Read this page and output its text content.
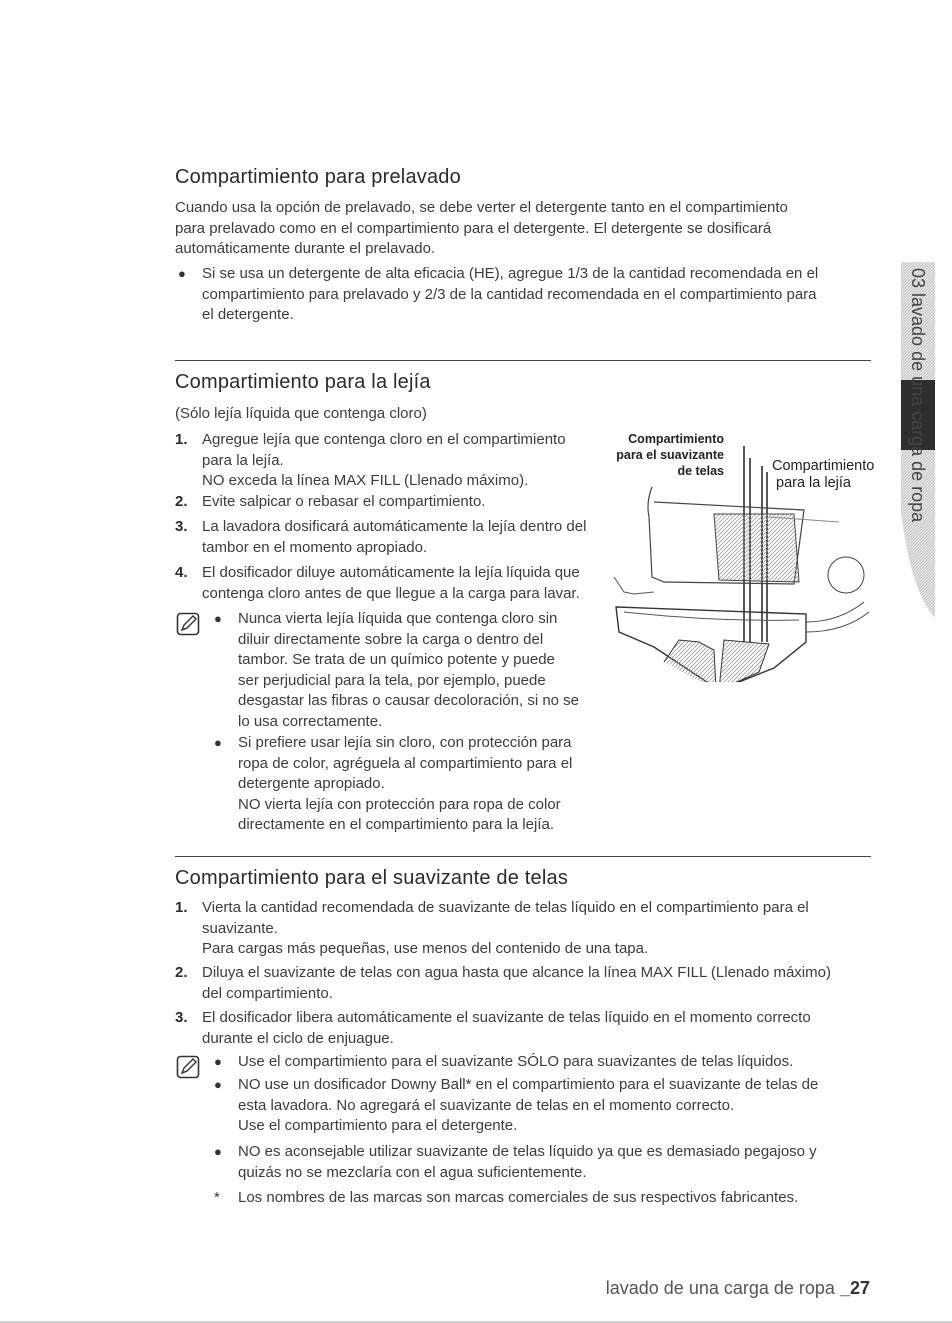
Compartimiento para prelavado

Cuando usa la opción de prelavado, se debe verter el detergente tanto en el compartimiento

para prelavado como en el compartimiento para el detergente. El detergente se dosificará

automáticamente durante el prelavado.

● Si se usa un detergente de alta eficacia (HE), agregue 1/3 de la cantidad recomendada en el

compartimiento para prelavado y 2/3 de la cantidad recomendada en el compartimiento para

el detergente.

Compartimiento para la lejía

(Sólo lejía líquida que contenga cloro)

1. Agregue lejía que contenga cloro en el compartimiento

para la lejía.

NO exceda la línea MAX FILL (Llenado máximo).

2. Evite salpicar o rebasar el compartimiento.

3. La lavadora dosificará automáticamente la lejía dentro del

tambor en el momento apropiado.

4. El dosificador diluye automáticamente la lejía líquida que

contenga cloro antes de que llegue a la carga para lavar.

● Nunca vierta lejía líquida que contenga cloro sin

diluir directamente sobre la carga o dentro del

tambor. Se trata de un químico potente y puede

ser perjudicial para la tela, por ejemplo, puede

desgastar las fibras o causar decoloración, si no se

lo usa correctamente.

● Si prefiere usar lejía sin cloro, con protección para

ropa de color, agréguela al compartimiento para el

detergente apropiado.

NO vierta lejía con protección para ropa de color

directamente en el compartimiento para la lejía.

Compartimiento
para el suavizante
de telas	Compartimiento
para la lejía
Compartimiento para el suavizante de telas
1. Vierta la cantidad recomendada de suavizante de telas líquido en el compartimiento para el

suavizante.

Para cargas más pequeñas, use menos del contenido de una tapa.

2. Diluya el suavizante de telas con agua hasta que alcance la línea MAX FILL (Llenado máximo)

del compartimiento.

3. El dosificador libera automáticamente el suavizante de telas líquido en el momento correcto

durante el ciclo de enjuague.

● Use el compartimiento para el suavizante SÓLO para suavizantes de telas líquidos.

● NO use un dosificador Downy Ball* en el compartimiento para el suavizante de telas de

esta lavadora. No agregará el suavizante de telas en el momento correcto.

Use el compartimiento para el detergente.

● NO es aconsejable utilizar suavizante de telas líquido ya que es demasiado pegajoso y

quizás no se mezclaría con el agua suficientemente.

* Los nombres de las marcas son marcas comerciales de sus respectivos fabricantes.

03 lavado de una carga de ropa
lavado de una carga de ropa _27
